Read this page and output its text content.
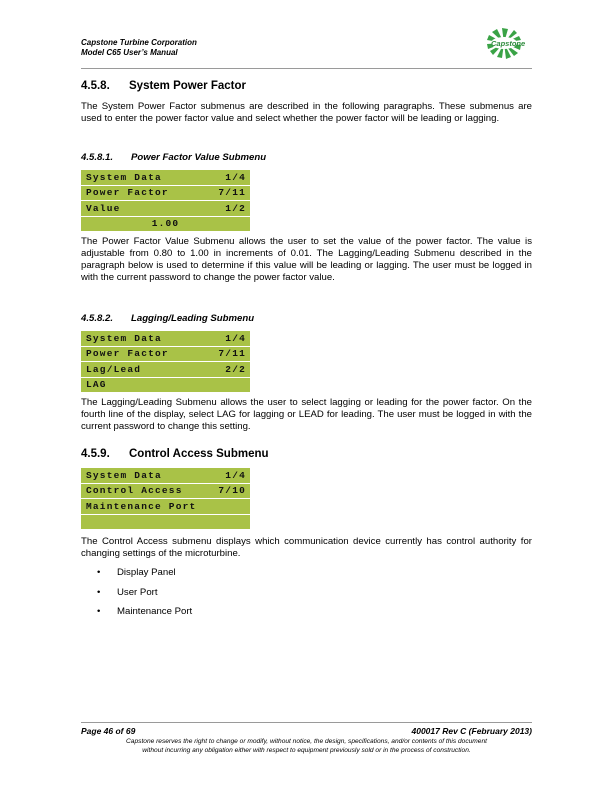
Capstone Turbine Corporation
Model C65 User’s Manual
Capstone
4.5.8. System Power Factor
The System Power Factor submenus are described in the following paragraphs. These submenus are used to enter the power factor value and select whether the power factor will be leading or lagging.
4.5.8.1. Power Factor Value Submenu
System Data	1/4
Power Factor	7/11
Value	1/2
1.00
The Power Factor Value Submenu allows the user to set the value of the power factor. The value is adjustable from 0.80 to 1.00 in increments of 0.01. The Lagging/Leading Submenu described in the paragraph below is used to determine if this value will be leading or lagging. The user must be logged in with the current password to change the power factor value.
4.5.8.2. Lagging/Leading Submenu
System Data	1/4
Power Factor	7/11
Lag/Lead	2/2
LAG
The Lagging/Leading Submenu allows the user to select lagging or leading for the power factor. On the fourth line of the display, select LAG for lagging or LEAD for leading. The user must be logged in with the current password to change this setting.
4.5.9. Control Access Submenu
System Data	1/4
Control Access	7/10
Maintenance Port
The Control Access submenu displays which communication device currently has control authority for changing settings of the microturbine.
• Display Panel
• User Port
• Maintenance Port
Page 46 of 69	400017 Rev C (February 2013)
Capstone reserves the right to change or modify, without notice, the design, specifications, and/or contents of this document
without incurring any obligation either with respect to equipment previously sold or in the process of construction.
